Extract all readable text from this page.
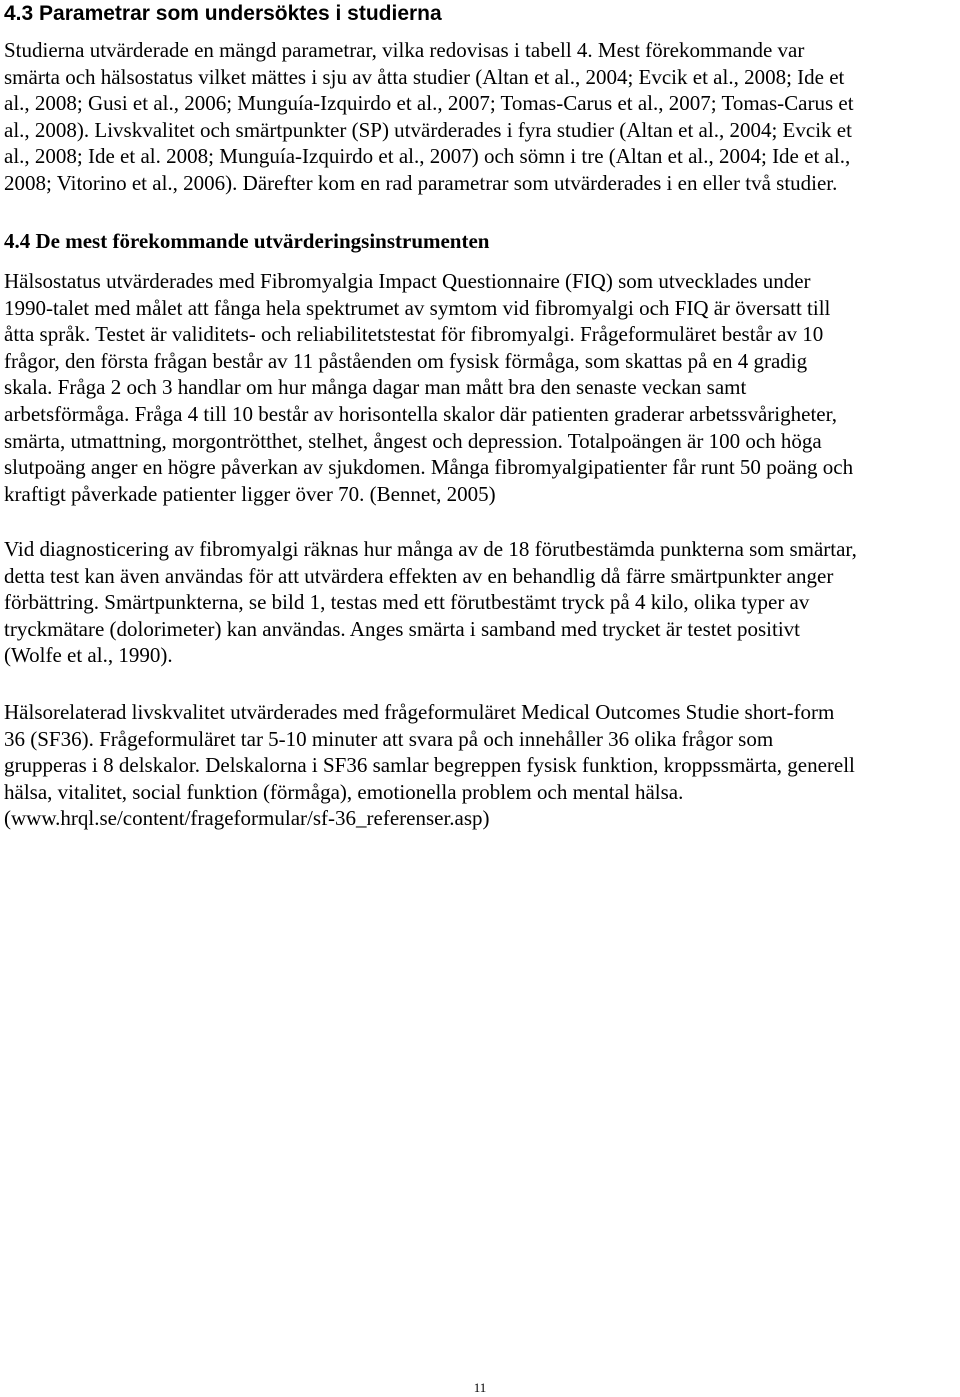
4.3 Parametrar som undersöktes i studierna

Studierna utvärderade en mängd parametrar, vilka redovisas i tabell 4. Mest förekommande var
smärta och hälsostatus vilket mättes i sju av åtta studier (Altan et al., 2004; Evcik et al., 2008; Ide et
al., 2008; Gusi et al., 2006; Munguía-Izquirdo et al., 2007; Tomas-Carus et al., 2007; Tomas-Carus et
al., 2008). Livskvalitet och smärtpunkter (SP) utvärderades i fyra studier (Altan et al., 2004; Evcik et
al., 2008; Ide et al. 2008; Munguía-Izquirdo et al., 2007) och sömn i tre (Altan et al., 2004; Ide et al.,
2008; Vitorino et al., 2006). Därefter kom en rad parametrar som utvärderades i en eller två studier.

4.4 De mest förekommande utvärderingsinstrumenten

Hälsostatus utvärderades med Fibromyalgia Impact Questionnaire (FIQ) som utvecklades under
1990-talet med målet att fånga hela spektrumet av symtom vid fibromyalgi och FIQ är översatt till
åtta språk. Testet är validitets- och reliabilitetstestat för fibromyalgi. Frågeformuläret består av 10
frågor, den första frågan består av 11 påståenden om fysisk förmåga, som skattas på en 4 gradig
skala. Fråga 2 och 3 handlar om hur många dagar man mått bra den senaste veckan samt
arbetsförmåga. Fråga 4 till 10 består av horisontella skalor där patienten graderar arbetssvårigheter,
smärta, utmattning, morgontrötthet, stelhet, ångest och depression. Totalpoängen är 100 och höga
slutpoäng anger en högre påverkan av sjukdomen. Många fibromyalgipatienter får runt 50 poäng och
kraftigt påverkade patienter ligger över 70. (Bennet, 2005)

Vid diagnosticering av fibromyalgi räknas hur många av de 18 förutbestämda punkterna som smärtar,
detta test kan även användas för att utvärdera effekten av en behandlig då färre smärtpunkter anger
förbättring. Smärtpunkterna, se bild 1, testas med ett förutbestämt tryck på 4 kilo, olika typer av
tryckmätare (dolorimeter) kan användas. Anges smärta i samband med trycket är testet positivt
(Wolfe et al., 1990).

Hälsorelaterad livskvalitet utvärderades med frågeformuläret Medical Outcomes Studie short-form
36 (SF36). Frågeformuläret tar 5-10 minuter att svara på och innehåller 36 olika frågor som
grupperas i 8 delskalor. Delskalorna i SF36 samlar begreppen fysisk funktion, kroppssmärta, generell
hälsa, vitalitet, social funktion (förmåga), emotionella problem och mental hälsa.
(www.hrql.se/content/frageformular/sf-36_referenser.asp)

11
